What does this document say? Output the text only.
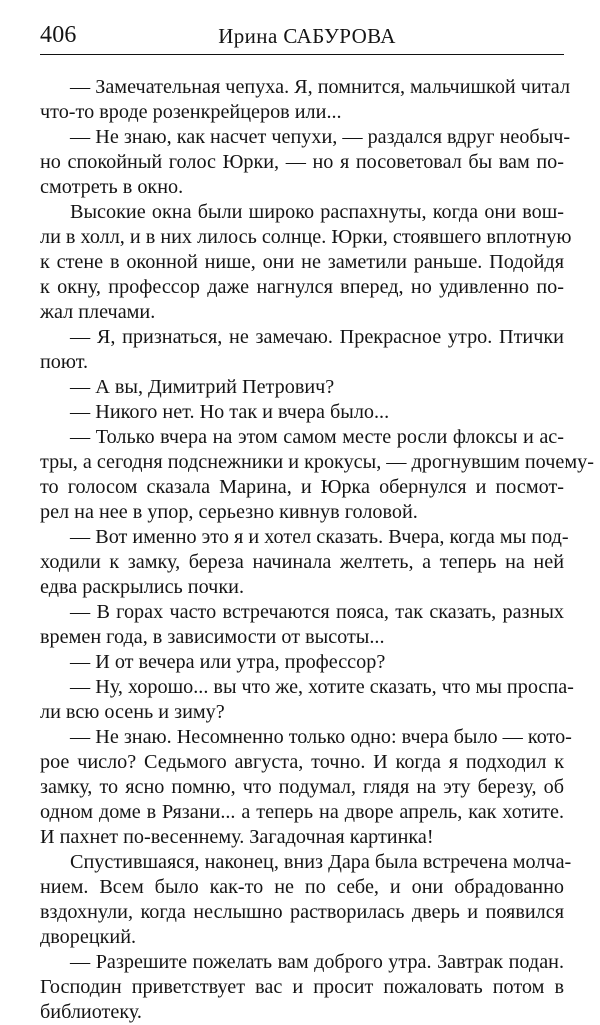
406	Ирина САБУРОВА
— Замечательная чепуха. Я, помнится, мальчишкой читал
что-то вроде розенкрейцеров или...
— Не знаю, как насчет чепухи, — раздался вдруг необыч-
но спокойный голос Юрки, — но я посоветовал бы вам по-
смотреть в окно.
Высокие окна были широко распахнуты, когда они вош-
ли в холл, и в них лилось солнце. Юрки, стоявшего вплотную
к стене в оконной нише, они не заметили раньше. Подойдя
к окну, профессор даже нагнулся вперед, но удивленно по-
жал плечами.
— Я, признаться, не замечаю. Прекрасное утро. Птички
поют.
— А вы, Димитрий Петрович?
— Никого нет. Но так и вчера было...
— Только вчера на этом самом месте росли флоксы и ас-
тры, а сегодня подснежники и крокусы, — дрогнувшим почему-
то голосом сказала Марина, и Юрка обернулся и посмот-
рел на нее в упор, серьезно кивнув головой.
— Вот именно это я и хотел сказать. Вчера, когда мы под-
ходили к замку, береза начинала желтеть, а теперь на ней
едва раскрылись почки.
— В горах часто встречаются пояса, так сказать, разных
времен года, в зависимости от высоты...
— И от вечера или утра, профессор?
— Ну, хорошо... вы что же, хотите сказать, что мы проспа-
ли всю осень и зиму?
— Не знаю. Несомненно только одно: вчера было — кото-
рое число? Седьмого августа, точно. И когда я подходил к
замку, то ясно помню, что подумал, глядя на эту березу, об
одном доме в Рязани... а теперь на дворе апрель, как хотите.
И пахнет по-весеннему. Загадочная картинка!
Спустившаяся, наконец, вниз Дара была встречена молча-
нием. Всем было как-то не по себе, и они обрадованно
вздохнули, когда неслышно растворилась дверь и появился
дворецкий.
— Разрешите пожелать вам доброго утра. Завтрак подан.
Господин приветствует вас и просит пожаловать потом в
библиотеку.
